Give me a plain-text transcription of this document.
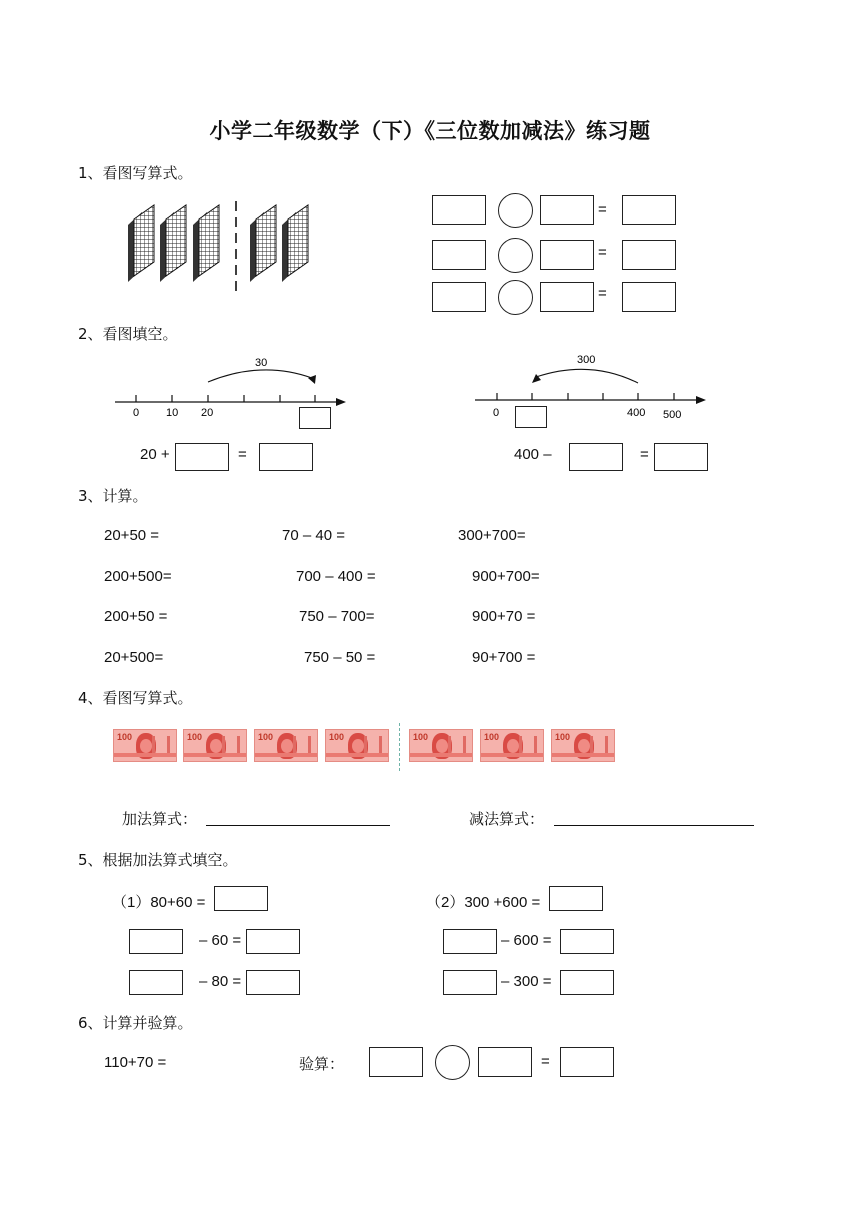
小学二年级数学（下）《三位数加减法》练习题
1、看图写算式。
=
=
=
2、看图填空。
0 10 20
30
0	400 500
300
20 +	=	400 –	=
3、计算。
20+50 =	70 – 40 =	300+700=
200+500=	700 – 400 =	900+700=
200+50 =	750 – 700=	900+70 =
20+500=	750 – 50 =	90+700 =
4、看图写算式。
100	100	100	100	100	100	100
加法算式：	减法算式：
5、根据加法算式填空。
（1）80+60 =
– 60 =
– 80 =
（2）300 +600 =
– 600 =
– 300 =
6、计算并验算。
110+70 =	验算：	=
